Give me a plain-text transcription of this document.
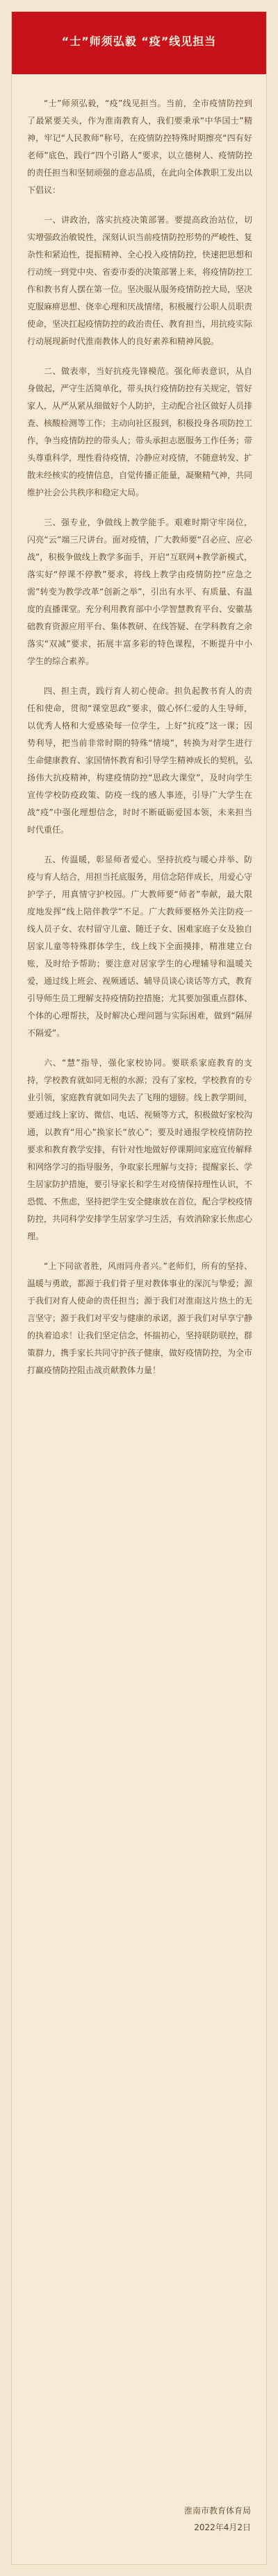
“士”师须弘毅 “疫”线见担当

“士”师须弘毅，“疫”线见担当。当前，全市疫情防控到了最紧要关头，作为淮南教育人，我们要秉承“中华国士”精神，牢记“人民教师”称号，在疫情防控特殊时期擦亮“四有好老师”底色，践行“四个引路人”要求，以立德树人、疫情防控的责任担当和坚韧顽强的意志品质，在此向全体教职工发出以下倡议：

一、讲政治，落实抗疫决策部署。要提高政治站位，切实增强政治敏锐性，深刻认识当前疫情防控形势的严峻性、复杂性和紧迫性，提振精神、全心投入疫情防控，快速把思想和行动统一到党中央、省委市委的决策部署上来，将疫情防控工作和教书育人摆在第一位。坚决服从服务疫情防控大局，坚决克服麻痹思想、侥幸心理和厌战情绪，积极履行公职人员职责使命，坚决扛起疫情防控的政治责任、教育担当，用抗疫实际行动展现新时代淮南教体人的良好素养和精神风貌。

二、做表率，当好抗疫先锋模范。强化师表意识，从自身做起，严守生活简单化，带头执行疫情防控有关规定，管好家人，从严从紧从细做好个人防护，主动配合社区做好人员排查、核酸检测等工作；主动向社区报到，积极投身各项防控工作，争当疫情防控的带头人；带头承担志愿服务工作任务；带头尊重科学，理性看待疫情，冷静应对疫情，不随意转发、扩散未经核实的疫情信息，自觉传播正能量，凝聚精气神，共同维护社会公共秩序和稳定大局。

三、强专业，争做线上教学能手。艰难时期守牢岗位，闪亮“云”端三尺讲台。面对疫情，广大教师要“召必应、应必战”，积极争做线上教学多面手，开启“互联网+教学新模式，落实好“停课不停教”要求，将线上教学由疫情防控“应急之需”转变为教学改革“创新之举”，引出有水平、有质量、有温度的直播课堂。充分利用教育部中小学智慧教育平台、安徽基础教育资源应用平台、集体教研、在线答疑、在学科教育之余落实“双减”要求，拓展丰富多彩的特色课程，不断提升中小学生的综合素养。

四、担主责，践行育人初心使命。担负起教书育人的责任和使命，贯彻“课堂思政”要求，做心怀仁爱的人生导师，以优秀人格和大爱感染每一位学生，上好“抗疫”这一课；因势利导，把当前非常时期的特殊“情境”，转换为对学生进行生命健康教育、家国情怀教育和引导学生精神成长的契机，弘扬伟大抗疫精神，构建疫情防控“思政大课堂”，及时向学生宣传学校防疫政策、防疫一线的感人事迹，引导广大学生在战“疫”中强化理想信念，时时不断砥砺爱国本领，未来担当时代重任。

五、传温暖，彰显师者爱心。坚持抗疫与暖心并举、防疫与育人结合，用担当托底服务，用信念陪伴成长，用爱心守护学子，用真情守护校园。广大教师要“师者”奉献，最大限度地发挥“线上陪伴教学”不足。广大教师要格外关注防疫一线人员子女、农村留守儿童、随迁子女、困难家庭子女及独自居家儿童等特殊群体学生，线上线下全面摸排，精准建立台账，及时给予帮助；要注意对居家学生的心理辅导和温暖关爱，通过线上班会、视频通话、辅导员谈心谈话等方式，教育引导师生员工理解支持疫情防控措施；尤其要加强重点群体、个体的心理帮扶，及时解决心理问题与实际困难，做到“隔屏不隔爱”。

六、“慧”指导，强化家校协同。要联系家庭教育的支持，学校教育就如同无根的水源；没有了家校，学校教育的专业引领，家庭教育就如同失去了飞翔的翅膀。线上教学期间，要通过线上家访、微信、电话、视频等方式，积极做好家校沟通，以教育“用心”换家长“放心”；要及时通报学校疫情防控要求和教育教学安排，有针对性地做好停课期间家庭宣传解释和网络学习的指导服务，争取家长理解与支持；提醒家长、学生居家防护措施，要引导家长和学生对疫情保持理性认识，不恐慌、不焦虑，坚持把学生安全健康放在首位，配合学校疫情防控，共同科学安排学生居家学习生活，有效消除家长焦虑心理。

“上下同欲者胜，风雨同舟者兴。”老师们，所有的坚持、温暖与勇敢，都源于我们骨子里对教体事业的深沉与挚爱；源于我们对育人使命的责任担当；源于我们对淮南这片热土的无言坚守；源于我们对平安与健康的承诺，源于我们对早享宁静的执着追求！让我们坚定信念，怀揣初心，坚持联防联控，群策群力，携手家长共同守护孩子健康，做好疫情防控，为全市打赢疫情防控阻击战贡献教体力量！

淮南市教育体育局
2022年4月2日
